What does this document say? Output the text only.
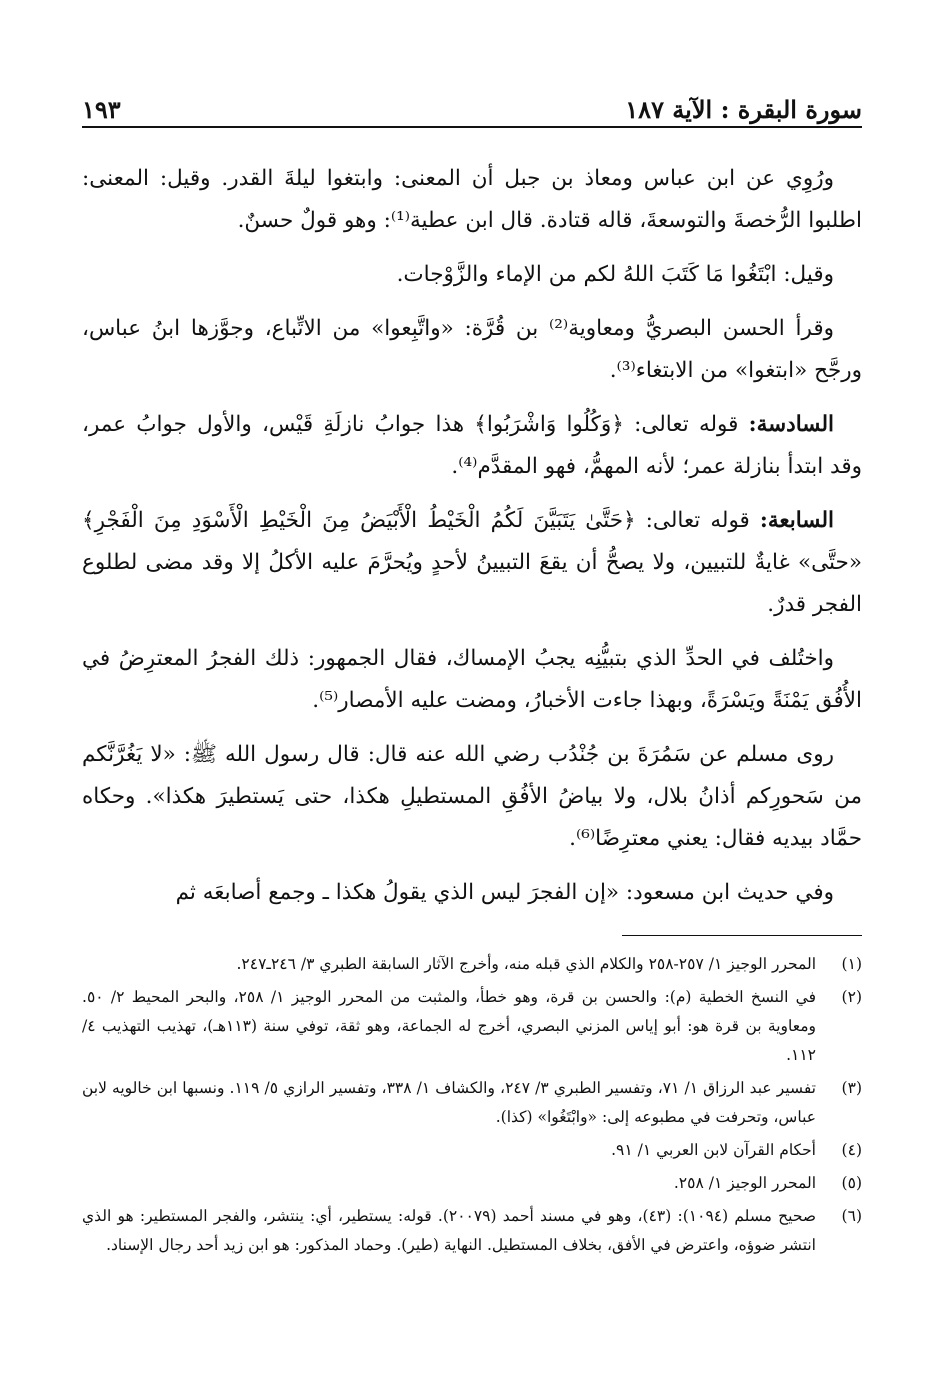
سورة البقرة : الآية ١٨٧
١٩٣

ورُوِي عن ابن عباس ومعاذ بن جبل أن المعنى: وابتغوا ليلةَ القدر. وقيل: المعنى: اطلبوا الرُّخصةَ والتوسعةَ، قاله قتادة. قال ابن عطية⁽¹⁾: وهو قولٌ حسنٌ.

وقيل: ابْتَغُوا مَا كَتَبَ اللهُ لكم من الإماء والزَّوْجات.

وقرأ الحسن البصريُّ ومعاوية⁽²⁾ بن قُرَّة: «واتَّبِعوا» من الاتِّباع، وجوَّزها ابنُ عباس، ورجَّح «ابتغوا» من الابتغاء⁽³⁾.

السادسة: قوله تعالى: ﴿وَكُلُوا وَاشْرَبُوا﴾ هذا جوابُ نازلَةِ قَيْس، والأول جوابُ عمر، وقد ابتدأ بنازلة عمر؛ لأنه المهمُّ، فهو المقدَّم⁽⁴⁾.

السابعة: قوله تعالى: ﴿حَتَّىٰ يَتَبَيَّنَ لَكُمُ الْخَيْطُ الْأَبْيَضُ مِنَ الْخَيْطِ الْأَسْوَدِ مِنَ الْفَجْرِ﴾ «حتَّى» غايةٌ للتبيين، ولا يصحُّ أن يقعَ التبيينُ لأحدٍ ويُحرَّمَ عليه الأكلُ إلا وقد مضى لطلوع الفجر قدرٌ.

واختُلف في الحدِّ الذي بتبيُّنِه يجبُ الإمساك، فقال الجمهور: ذلك الفجرُ المعترِضُ في الأُفُق يَمْنَةً ويَسْرَةً، وبهذا جاءت الأخبارُ، ومضت عليه الأمصار⁽⁵⁾.

روى مسلم عن سَمُرَةَ بن جُنْدُب رضي الله عنه قال: قال رسول الله ﷺ: «لا يَغُرَّنَّكم من سَحورِكم أذانُ بلال، ولا بياضُ الأفُقِ المستطيلِ هكذا، حتى يَستطيرَ هكذا». وحكاه حمَّاد بيديه فقال: يعني معترِضًا⁽⁶⁾.

وفي حديث ابن مسعود: «إن الفجرَ ليس الذي يقولُ هكذا ـ وجمع أصابعَه ثم

(١)
المحرر الوجيز ١/ ٢٥٧-٢٥٨ والكلام الذي قبله منه، وأخرج الآثار السابقة الطبري ٣/ ٢٤٦ـ٢٤٧.
(٢)
في النسخ الخطية (م): والحسن بن قرة، وهو خطأ، والمثبت من المحرر الوجيز ١/ ٢٥٨، والبحر المحيط ٢/ ٥٠. ومعاوية بن قرة هو: أبو إياس المزني البصري، أخرج له الجماعة، وهو ثقة، توفي سنة (١١٣هـ)، تهذيب التهذيب ٤/ ١١٢.
(٣)
تفسير عبد الرزاق ١/ ٧١، وتفسير الطبري ٣/ ٢٤٧، والكشاف ١/ ٣٣٨، وتفسير الرازي ٥/ ١١٩. ونسبها ابن خالويه لابن عباس، وتحرفت في مطبوعه إلى: «وابْتَغُوا» (كذا).
(٤)
أحكام القرآن لابن العربي ١/ ٩١.
(٥)
المحرر الوجيز ١/ ٢٥٨.
(٦)
صحيح مسلم (١٠٩٤): (٤٣)، وهو في مسند أحمد (٢٠٠٧٩). قوله: يستطير، أي: ينتشر، والفجر المستطير: هو الذي انتشر ضوؤه، واعترض في الأفق، بخلاف المستطيل. النهاية (طير). وحماد المذكور: هو ابن زيد أحد رجال الإسناد.
